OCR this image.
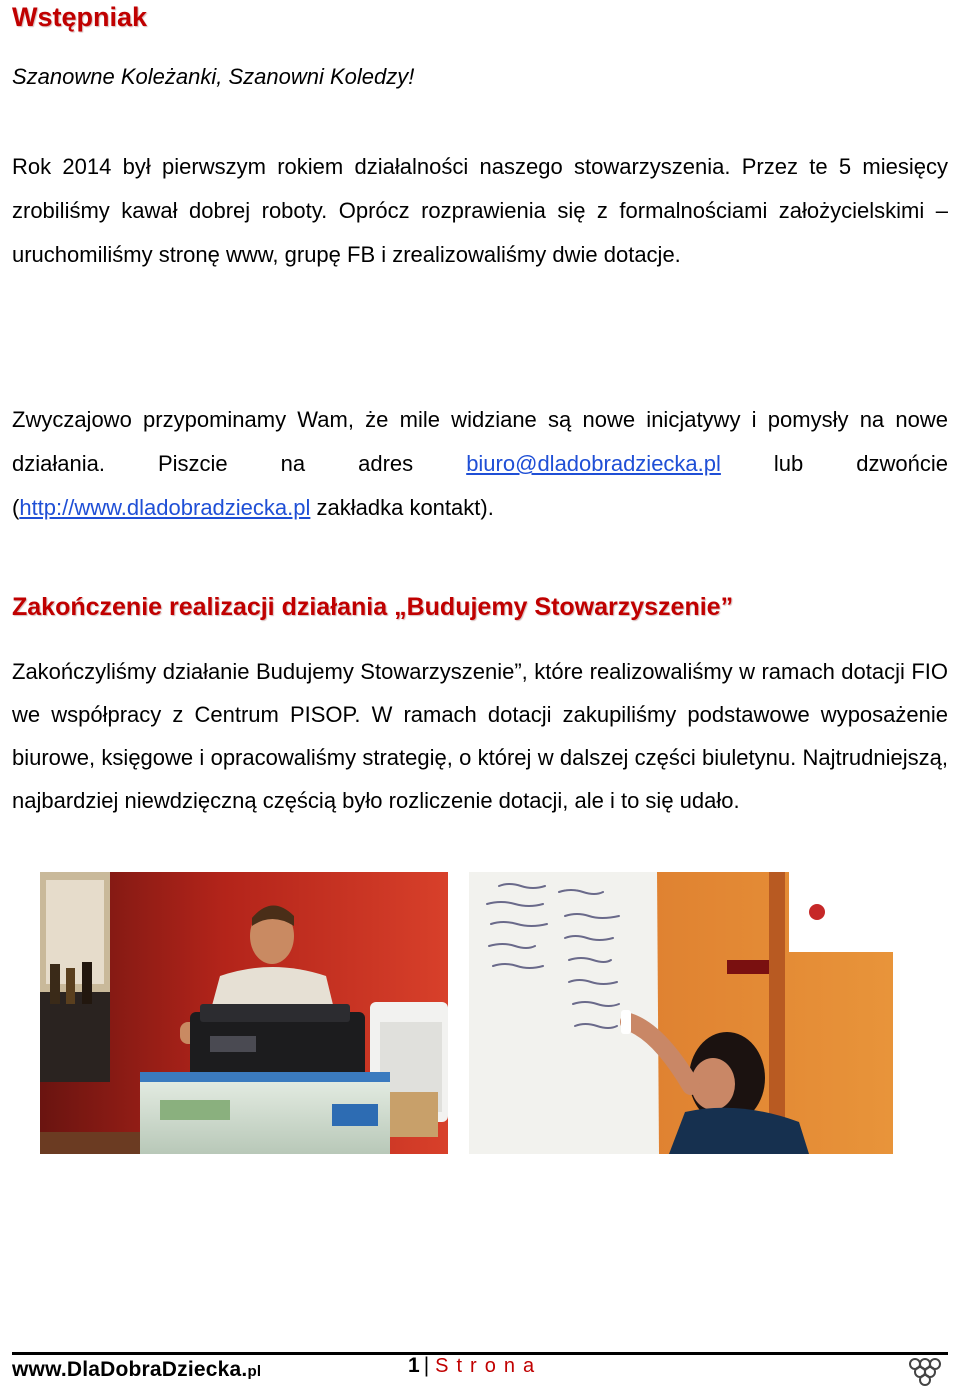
Wstępniak

Szanowne Koleżanki, Szanowni Koledzy!

Rok 2014 był pierwszym rokiem działalności naszego stowarzyszenia. Przez te 5 miesięcy zrobiliśmy kawał dobrej roboty. Oprócz rozprawienia się z formalnościami założycielskimi – uruchomiliśmy stronę www, grupę FB i zrealizowaliśmy dwie dotacje.

Zwyczajowo przypominamy Wam, że mile widziane są nowe inicjatywy i pomysły na nowe działania. Piszcie na adres biuro@dladobradziecka.pl lub dzwońcie (http://www.dladobradziecka.pl zakładka kontakt).

Zakończenie realizacji działania „Budujemy Stowarzyszenie”

Zakończyliśmy działanie Budujemy Stowarzyszenie”, które realizowaliśmy w ramach dotacji FIO we współpracy z Centrum PISOP. W ramach dotacji zakupiliśmy podstawowe wyposażenie biurowe, księgowe i opracowaliśmy strategię, o której w dalszej części biuletynu. Najtrudniejszą, najbardziej niewdzięczną częścią było rozliczenie dotacji, ale i to się udało.

www.DlaDobraDziecka.pl	1 | Strona
